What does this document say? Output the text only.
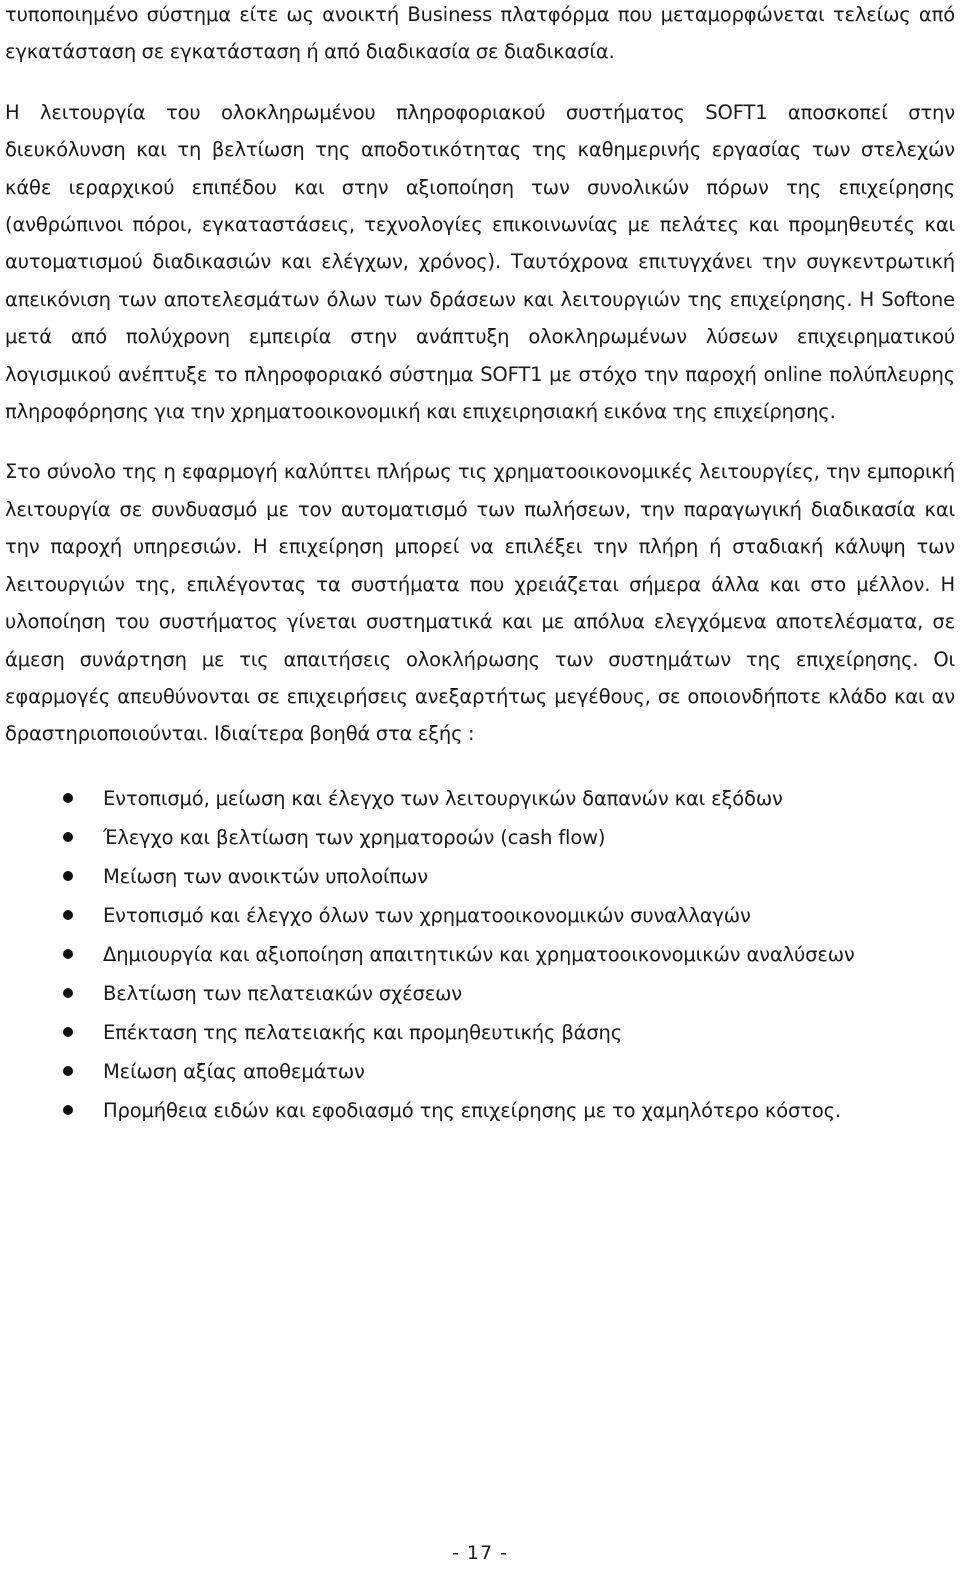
τυποποιημένο σύστημα είτε ως ανοικτή Business πλατφόρμα που μεταμορφώνεται τελείως από εγκατάσταση σε εγκατάσταση ή από διαδικασία σε διαδικασία.

Η λειτουργία του ολοκληρωμένου πληροφοριακού συστήματος SOFT1 αποσκοπεί στην διευκόλυνση και τη βελτίωση της αποδοτικότητας της καθημερινής εργασίας των στελεχών κάθε ιεραρχικού επιπέδου και στην αξιοποίηση των συνολικών πόρων της επιχείρησης (ανθρώπινοι πόροι, εγκαταστάσεις, τεχνολογίες επικοινωνίας με πελάτες και προμηθευτές και αυτοματισμού διαδικασιών και ελέγχων, χρόνος). Ταυτόχρονα επιτυγχάνει την συγκεντρωτική απεικόνιση των αποτελεσμάτων όλων των δράσεων και λειτουργιών της επιχείρησης. Η Softone μετά από πολύχρονη εμπειρία στην ανάπτυξη ολοκληρωμένων λύσεων επιχειρηματικού λογισμικού ανέπτυξε το πληροφοριακό σύστημα SOFT1 με στόχο την παροχή online πολύπλευρης πληροφόρησης για την χρηματοοικονομική και επιχειρησιακή εικόνα της επιχείρησης.

Στο σύνολο της η εφαρμογή καλύπτει πλήρως τις χρηματοοικονομικές λειτουργίες, την εμπορική λειτουργία σε συνδυασμό με τον αυτοματισμό των πωλήσεων, την παραγωγική διαδικασία και την παροχή υπηρεσιών. Η επιχείρηση μπορεί να επιλέξει την πλήρη ή σταδιακή κάλυψη των λειτουργιών της, επιλέγοντας τα συστήματα που χρειάζεται σήμερα άλλα και στο μέλλον. Η υλοποίηση του συστήματος γίνεται συστηματικά και με απόλυα ελεγχόμενα αποτελέσματα, σε άμεση συνάρτηση με τις απαιτήσεις ολοκλήρωσης των συστημάτων της επιχείρησης. Οι εφαρμογές απευθύνονται σε επιχειρήσεις ανεξαρτήτως μεγέθους, σε οποιονδήποτε κλάδο και αν δραστηριοποιούνται. Ιδιαίτερα βοηθά στα εξής :

Εντοπισμό, μείωση και έλεγχο των λειτουργικών δαπανών και εξόδων
Έλεγχο και βελτίωση των χρηματοροών (cash flow)
Μείωση των ανοικτών υπολοίπων
Εντοπισμό και έλεγχο όλων των χρηματοοικονομικών συναλλαγών
Δημιουργία και αξιοποίηση απαιτητικών και χρηματοοικονομικών αναλύσεων
Βελτίωση των πελατειακών σχέσεων
Επέκταση της πελατειακής και προμηθευτικής βάσης
Μείωση αξίας αποθεμάτων
Προμήθεια ειδών και εφοδιασμό της επιχείρησης με το χαμηλότερο κόστος.
- 17 -
